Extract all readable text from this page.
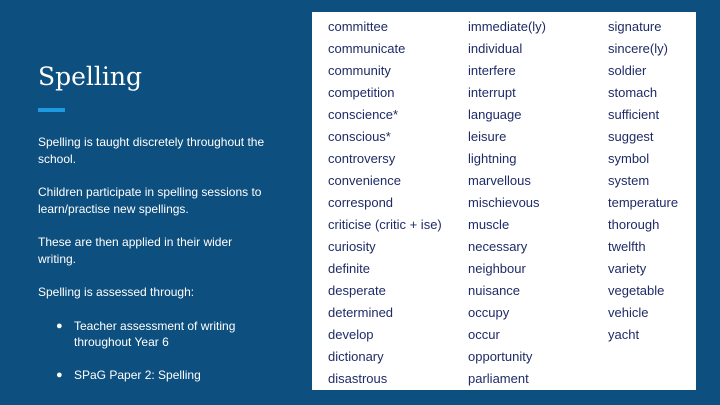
Spelling

Spelling is taught discretely throughout the school.

Children participate in spelling sessions to learn/practise new spellings.

These are then applied in their wider writing.

Spelling is assessed through:

● Teacher assessment of writing throughout Year 6
● SPaG Paper 2: Spelling
committee
communicate
community
competition
conscience*
conscious*
controversy
convenience
correspond
criticise (critic + ise)
curiosity
definite
desperate
determined
develop
dictionary
disastrous
immediate(ly)
individual
interfere
interrupt
language
leisure
lightning
marvellous
mischievous
muscle
necessary
neighbour
nuisance
occupy
occur
opportunity
parliament
signature
sincere(ly)
soldier
stomach
sufficient
suggest
symbol
system
temperature
thorough
twelfth
variety
vegetable
vehicle
yacht
